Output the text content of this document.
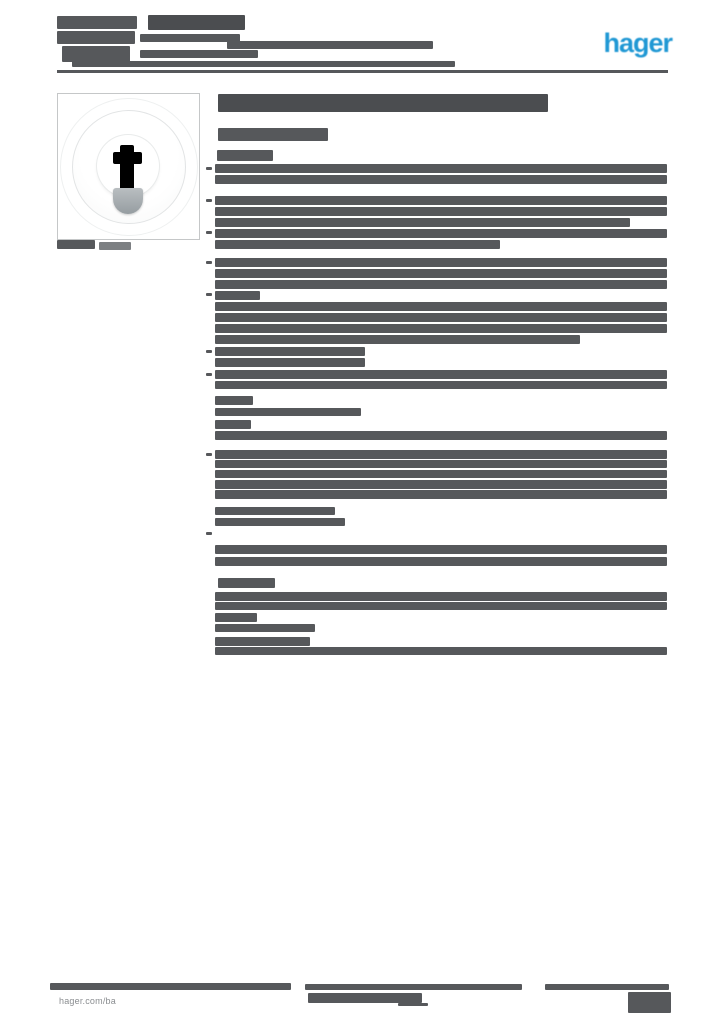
hager
hager.com/ba
